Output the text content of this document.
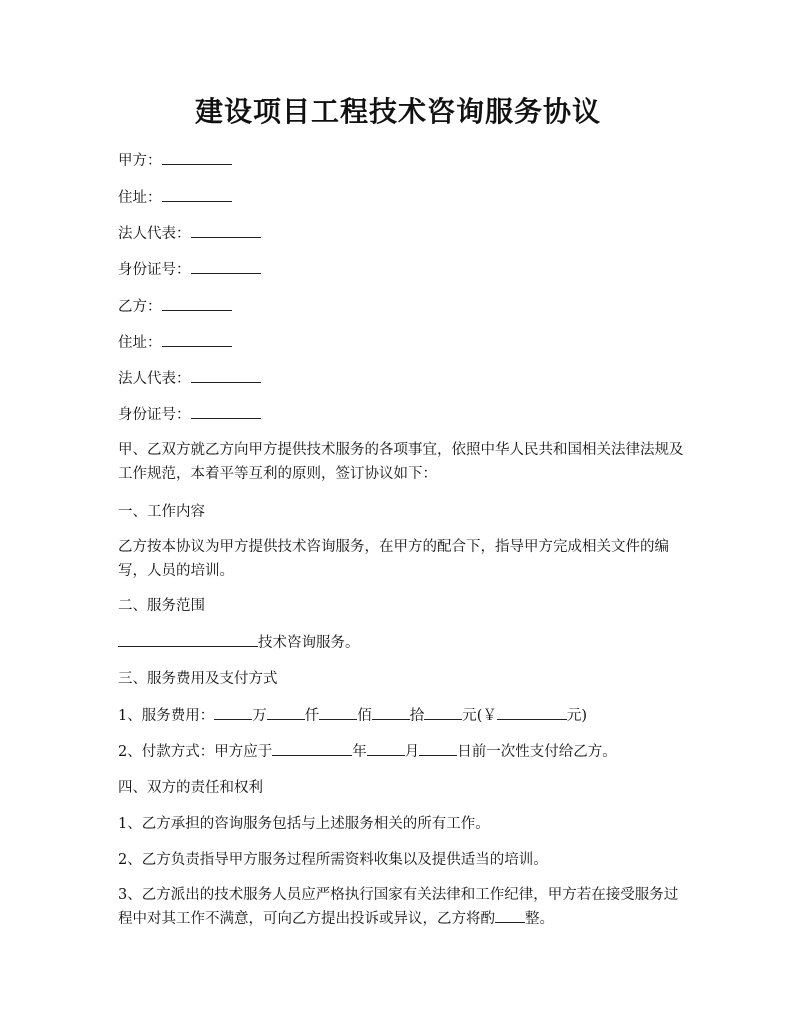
建设项目工程技术咨询服务协议
甲方：
住址：
法人代表：
身份证号：
乙方：
住址：
法人代表：
身份证号：
甲、乙双方就乙方向甲方提供技术服务的各项事宜，依照中华人民共和国相关法律法规及工作规范，本着平等互利的原则，签订协议如下：
一、工作内容
乙方按本协议为甲方提供技术咨询服务，在甲方的配合下，指导甲方完成相关文件的编写，人员的培训。
二、服务范围
技术咨询服务。
三、服务费用及支付方式
1、服务费用：	万	仟	佰	拾	元(￥	元)
2、付款方式：甲方应于	年	月	日前一次性支付给乙方。
四、双方的责任和权利
1、乙方承担的咨询服务包括与上述服务相关的所有工作。
2、乙方负责指导甲方服务过程所需资料收集以及提供适当的培训。
3、乙方派出的技术服务人员应严格执行国家有关法律和工作纪律，甲方若在接受服务过程中对其工作不满意，可向乙方提出投诉或异议，乙方将酌 整。
